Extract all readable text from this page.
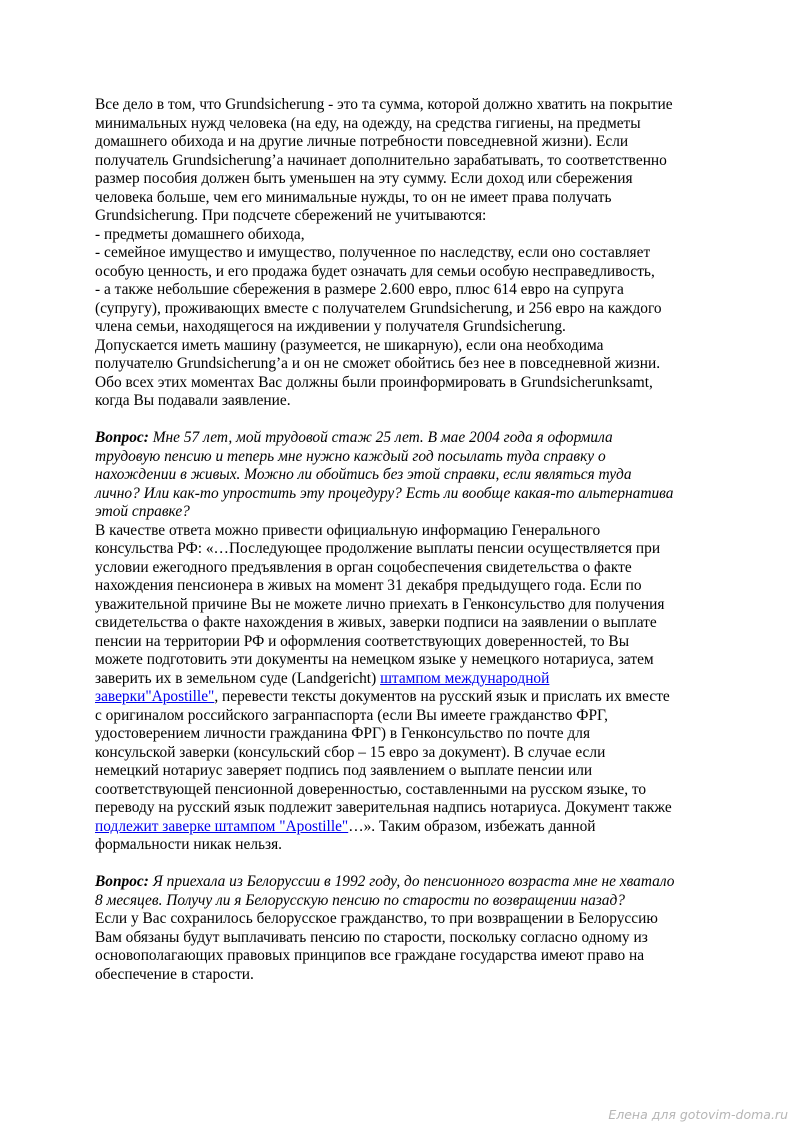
Все дело в том, что Grundsicherung - это та сумма, которой должно хватить на покрытие
минимальных нужд человека (на еду, на одежду, на средства гигиены, на предметы
домашнего обихода и на другие личные потребности повседневной жизни). Если
получатель Grundsicherung’а начинает дополнительно зарабатывать, то соответственно
размер пособия должен быть уменьшен на эту сумму. Если доход или сбережения
человека больше, чем его минимальные нужды, то он не имеет права получать
Grundsicherung. При подсчете сбережений не учитываются:
- предметы домашнего обихода,
- семейное имущество и имущество, полученное по наследству, если оно составляет
особую ценность, и его продажа будет означать для семьи особую несправедливость,
- а также небольшие сбережения в размере 2.600 евро, плюс 614 евро на супруга
(супругу), проживающих вместе с получателем Grundsicherung, и 256 евро на каждого
члена семьи, находящегося на иждивении у получателя Grundsicherung.
Допускается иметь машину (разумеется, не шикарную), если она необходима
получателю Grundsicherung’а и он не сможет обойтись без нее в повседневной жизни.
Обо всех этих моментах Вас должны были проинформировать в Grundsicherunksamt,
когда Вы подавали заявление.
Вопрос: Мне 57 лет, мой трудовой стаж 25 лет. В мае 2004 года я оформила
трудовую пенсию и теперь мне нужно каждый год посылать туда справку о
нахождении в живых. Можно ли обойтись без этой справки, если являться туда
лично? Или как-то упростить эту процедуру? Есть ли вообще какая-то альтернатива
этой справке?
В качестве ответа можно привести официальную информацию Генерального
консульства РФ: «…Последующее продолжение выплаты пенсии осуществляется при
условии ежегодного предъявления в орган соцобеспечения свидетельства о факте
нахождения пенсионера в живых на момент 31 декабря предыдущего года. Если по
уважительной причине Вы не можете лично приехать в Генконсульство для получения
свидетельства о факте нахождения в живых, заверки подписи на заявлении о выплате
пенсии на территории РФ и оформления соответствующих доверенностей, то Вы
можете подготовить эти документы на немецком языке у немецкого нотариуса, затем
заверить их в земельном суде (Landgericht) штампом международной
заверки"Apostille", перевести тексты документов на русский язык и прислать их вместе
с оригиналом российского загранпаспорта (если Вы имеете гражданство ФРГ,
удостоверением личности гражданина ФРГ) в Генконсульство по почте для
консульской заверки (консульский сбор – 15 евро за документ). В случае если
немецкий нотариус заверяет подпись под заявлением о выплате пенсии или
соответствующей пенсионной доверенностью, составленными на русском языке, то
переводу на русский язык подлежит заверительная надпись нотариуса. Документ также
подлежит заверке штампом "Apostille"…». Таким образом, избежать данной
формальности никак нельзя.
Вопрос: Я приехала из Белоруссии в 1992 году, до пенсионного возраста мне не хватало
8 месяцев. Получу ли я Белорусскую пенсию по старости по возвращении назад?
Если у Вас сохранилось белорусское гражданство, то при возвращении в Белоруссию
Вам обязаны будут выплачивать пенсию по старости, поскольку согласно одному из
основополагающих правовых принципов все граждане государства имеют право на
обеспечение в старости.
Елена для gotovim-doma.ru
